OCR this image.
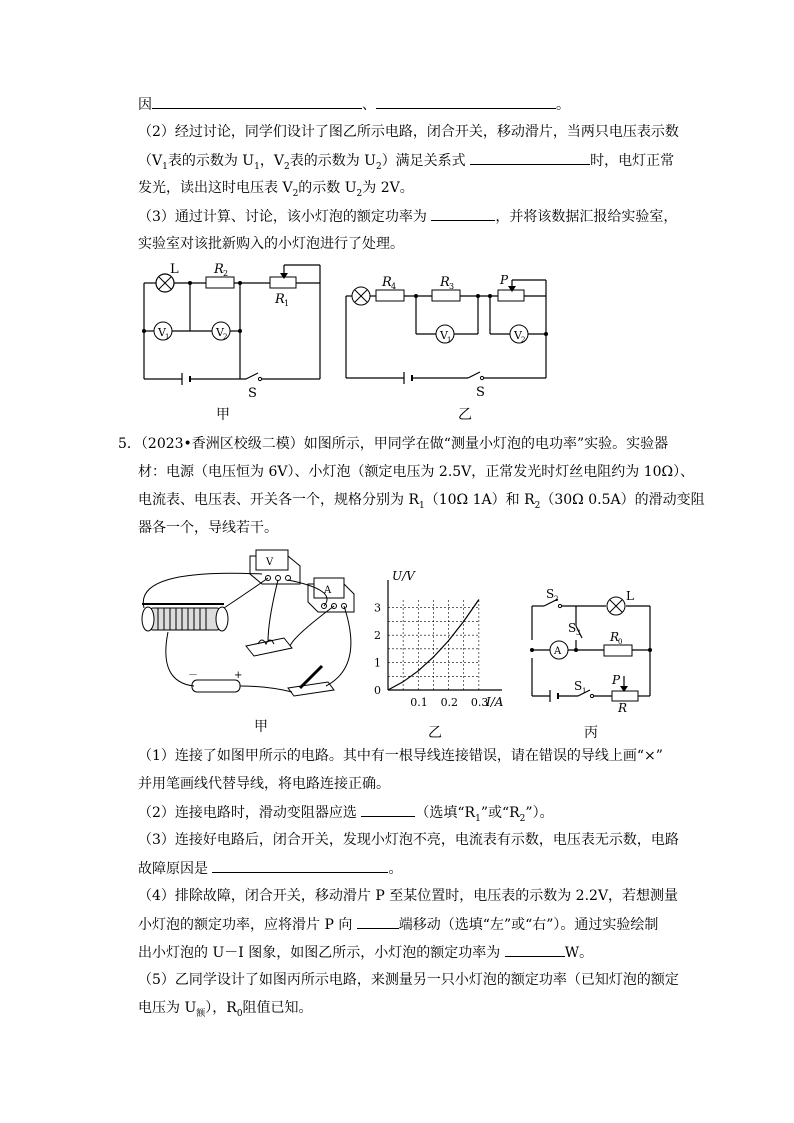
因	、	。
（2）经过讨论，同学们设计了图乙所示电路，闭合开关，移动滑片，当两只电压表示数
（$V_1$表的示数为 $U_1$，$V_2$表的示数为 $U_2$）满足关系式	时，电灯正常
发光，读出这时电压表 $V_2$的示数 $U_2$为 2V。
（3）通过计算、讨论，该小灯泡的额定功率为	，并将该数据汇报给实验室，
实验室对该批新购入的小灯泡进行了处理。
L	R 2
R 1
V 1	V 2
S
甲
R 4	R 3	P
V 1	V 2
S
乙
5．（2023•香洲区校级二模）如图所示，甲同学在做“测量小灯泡的电功率”实验。实验器
材：电源（电压恒为 6V）、小灯泡（额定电压为 2.5V，正常发光时灯丝电阻约为 10Ω）、
电流表、电压表、开关各一个，规格分别为 $R_1(10\Omega$ 1A）和 $R_2(30\Omega$ 0.5A）的滑动变阻
器各一个，导线若干。
V
A
－	+
甲
0.1 0.2 0.3
0
1
2
3
U/V
I/A
乙
S 2	L
S 3 R
0
A
S 1
P
R
丙
（1）连接了如图甲所示的电路。其中有一根导线连接错误，请在错误的导线上画“×”
并用笔画线代替导线，将电路连接正确。
（2）连接电路时，滑动变阻器应选	（选填“$R_1$”或“$R_2$”）。
（3）连接好电路后，闭合开关，发现小灯泡不亮，电流表有示数，电压表无示数，电路
故障原因是	。
（4）排除故障，闭合开关，移动滑片 P 至某位置时，电压表的示数为 2.2V，若想测量
小灯泡的额定功率，应将滑片 P 向	端移动（选填“左”或“右”）。通过实验绘制
出小灯泡的 U－I 图象，如图乙所示，小灯泡的额定功率为	W。
（5）乙同学设计了如图丙所示电路，来测量另一只小灯泡的额定功率（已知灯泡的额定
电压为 $U_额$），$R_0$阻值已知。
